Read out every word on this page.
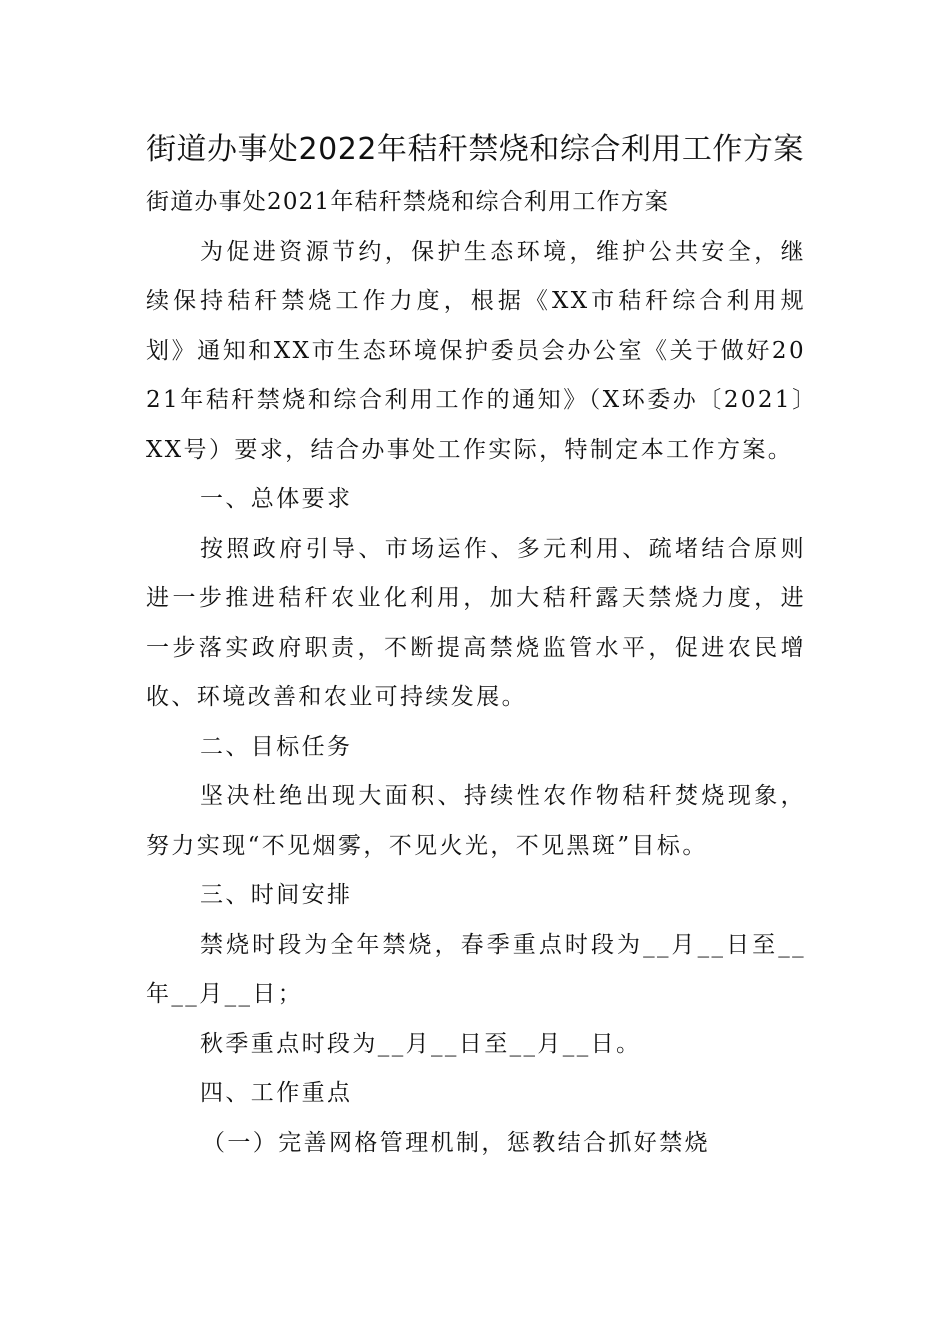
街道办事处2022年秸秆禁烧和综合利用工作方案

街道办事处2021年秸秆禁烧和综合利用工作方案

为促进资源节约，保护生态环境，维护公共安全，继续保持秸秆禁烧工作力度，根据《XX市秸秆综合利用规划》通知和XX市生态环境保护委员会办公室《关于做好2021年秸秆禁烧和综合利用工作的通知》（X环委办〔2021〕XX号）要求，结合办事处工作实际，特制定本工作方案。

一、总体要求

按照政府引导、市场运作、多元利用、疏堵结合原则进一步推进秸秆农业化利用，加大秸秆露天禁烧力度，进一步落实政府职责，不断提高禁烧监管水平，促进农民增收、环境改善和农业可持续发展。

二、目标任务

坚决杜绝出现大面积、持续性农作物秸秆焚烧现象，努力实现“不见烟雾，不见火光，不见黑斑”目标。

三、时间安排

禁烧时段为全年禁烧，春季重点时段为__月__日至__年__月__日；

秋季重点时段为__月__日至__月__日。

四、工作重点

（一）完善网格管理机制，惩教结合抓好禁烧
